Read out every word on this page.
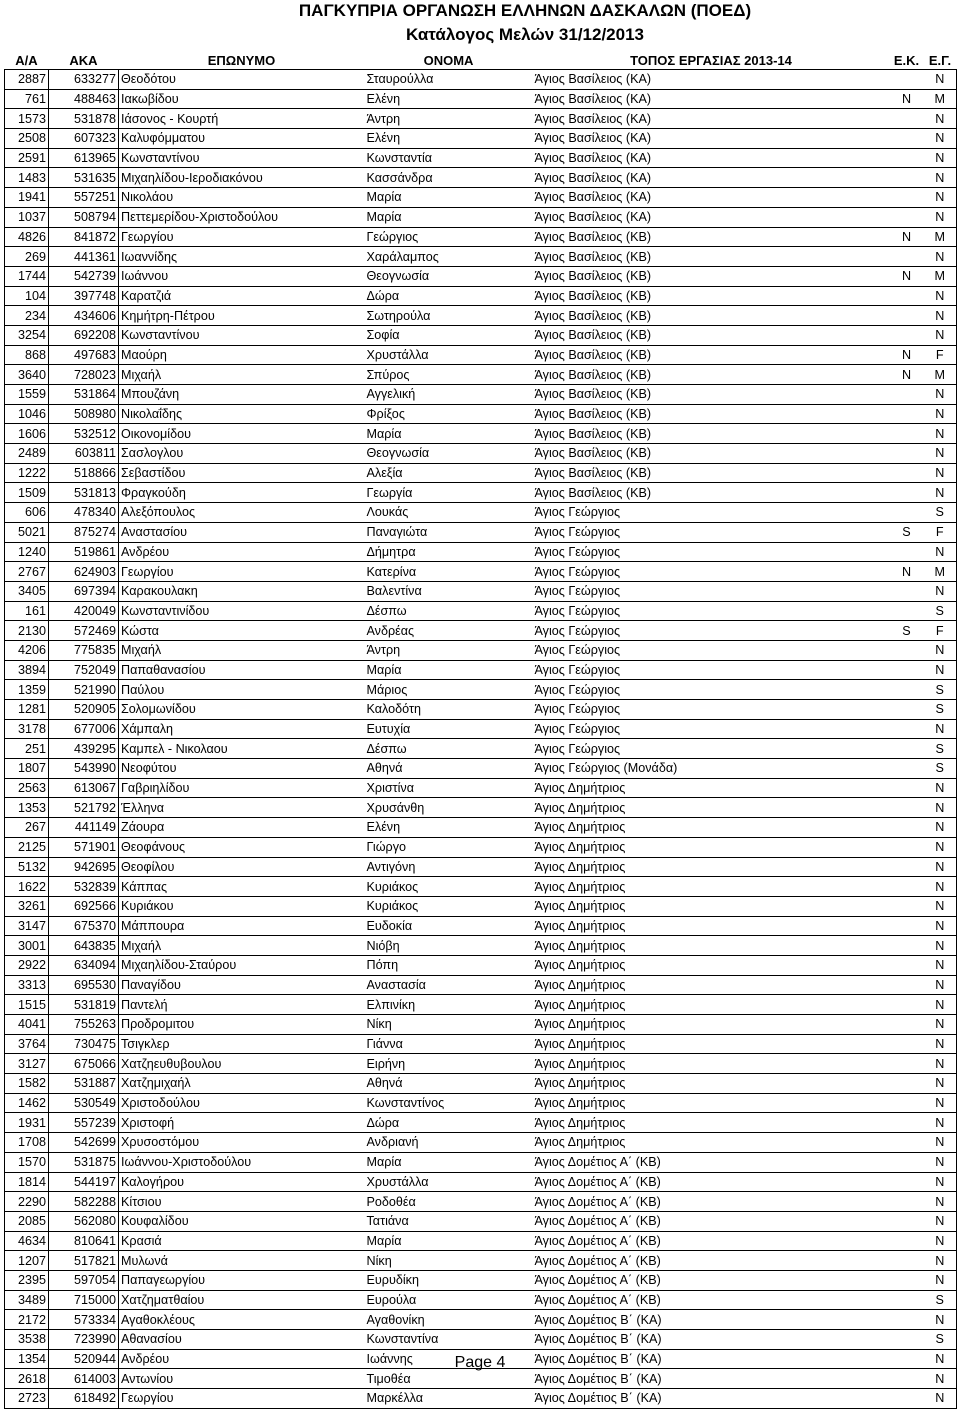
ΠΑΓΚΥΠΡΙΑ ΟΡΓΑΝΩΣΗ ΕΛΛΗΝΩΝ ΔΑΣΚΑΛΩΝ (ΠΟΕΔ)
Κατάλογος Μελών 31/12/2013
Α/Α	ΑΚΑ	ΕΠΩΝΥΜΟ	ΟΝΟΜΑ	ΤΟΠΟΣ ΕΡΓΑΣΙΑΣ 2013-14	Ε.Κ.	Ε.Γ.
2887	633277	Θεοδότου	Σταυρούλλα	Άγιος Βασίλειος (ΚΑ)		N
761	488463	Ιακωβίδου	Ελένη	Άγιος Βασίλειος (ΚΑ)	N	M
1573	531878	Ιάσονος - Κουρτή	Άντρη	Άγιος Βασίλειος (ΚΑ)		N
2508	607323	Καλυφόμματου	Ελένη	Άγιος Βασίλειος (ΚΑ)		N
2591	613965	Κωνσταντίνου	Κωνσταντία	Άγιος Βασίλειος (ΚΑ)		N
1483	531635	Μιχαηλίδου-Ιεροδιακόνου	Κασσάνδρα	Άγιος Βασίλειος (ΚΑ)		N
1941	557251	Νικολάου	Μαρία	Άγιος Βασίλειος (ΚΑ)		N
1037	508794	Πεττεμερίδου-Χριστοδούλου	Μαρία	Άγιος Βασίλειος (ΚΑ)		N
4826	841872	Γεωργίου	Γεώργιος	Άγιος Βασίλειος (ΚΒ)	N	M
269	441361	Ιωαννίδης	Χαράλαμπος	Άγιος Βασίλειος (ΚΒ)		N
1744	542739	Ιωάννου	Θεογνωσία	Άγιος Βασίλειος (ΚΒ)	N	M
104	397748	Καρατζιά	Δώρα	Άγιος Βασίλειος (ΚΒ)		N
234	434606	Κημήτρη-Πέτρου	Σωτηρούλα	Άγιος Βασίλειος (ΚΒ)		N
3254	692208	Κωνσταντίνου	Σοφία	Άγιος Βασίλειος (ΚΒ)		N
868	497683	Μαούρη	Χρυστάλλα	Άγιος Βασίλειος (ΚΒ)	N	F
3640	728023	Μιχαήλ	Σπύρος	Άγιος Βασίλειος (ΚΒ)	N	M
1559	531864	Μπουζάνη	Αγγελική	Άγιος Βασίλειος (ΚΒ)		N
1046	508980	Νικολαΐδης	Φρίξος	Άγιος Βασίλειος (ΚΒ)		N
1606	532512	Οικονομίδου	Μαρία	Άγιος Βασίλειος (ΚΒ)		N
2489	603811	Σασλογλου	Θεογνωσία	Άγιος Βασίλειος (ΚΒ)		N
1222	518866	Σεβαστίδου	Αλεξία	Άγιος Βασίλειος (ΚΒ)		N
1509	531813	Φραγκούδη	Γεωργία	Άγιος Βασίλειος (ΚΒ)		N
606	478340	Αλεξόπουλος	Λουκάς	Άγιος Γεώργιος		S
5021	875274	Αναστασίου	Παναγιώτα	Άγιος Γεώργιος	S	F
1240	519861	Ανδρέου	Δήμητρα	Άγιος Γεώργιος		N
2767	624903	Γεωργίου	Κατερίνα	Άγιος Γεώργιος	N	M
3405	697394	Καρακουλακη	Βαλεντίνα	Άγιος Γεώργιος		N
161	420049	Κωνσταντινίδου	Δέσπω	Άγιος Γεώργιος		S
2130	572469	Κώστα	Ανδρέας	Άγιος Γεώργιος	S	F
4206	775835	Μιχαήλ	Άντρη	Άγιος Γεώργιος		N
3894	752049	Παπαθανασίου	Μαρία	Άγιος Γεώργιος		N
1359	521990	Παύλου	Μάριος	Άγιος Γεώργιος		S
1281	520905	Σολομωνίδου	Καλοδότη	Άγιος Γεώργιος		S
3178	677006	Χάμπαλη	Ευτυχία	Άγιος Γεώργιος		N
251	439295	Καμπελ - Νικολαου	Δέσπω	Άγιος Γεώργιος		S
1807	543990	Νεοφύτου	Αθηνά	Άγιος Γεώργιος (Μονάδα)		S
2563	613067	Γαβριηλίδου	Χριστίνα	Άγιος Δημήτριος		N
1353	521792	Έλληνα	Χρυσάνθη	Άγιος Δημήτριος		N
267	441149	Ζάουρα	Ελένη	Άγιος Δημήτριος		N
2125	571901	Θεοφάνους	Γιώργο	Άγιος Δημήτριος		N
5132	942695	Θεοφίλου	Αντιγόνη	Άγιος Δημήτριος		N
1622	532839	Κάππας	Κυριάκος	Άγιος Δημήτριος		N
3261	692566	Κυριάκου	Κυριάκος	Άγιος Δημήτριος		N
3147	675370	Μάππουρα	Ευδοκία	Άγιος Δημήτριος		N
3001	643835	Μιχαήλ	Νιόβη	Άγιος Δημήτριος		N
2922	634094	Μιχαηλίδου-Σταύρου	Πόπη	Άγιος Δημήτριος		N
3313	695530	Παναγίδου	Αναστασία	Άγιος Δημήτριος		N
1515	531819	Παντελή	Ελπινίκη	Άγιος Δημήτριος		N
4041	755263	Προδρομιτου	Νίκη	Άγιος Δημήτριος		N
3764	730475	Τσιγκλερ	Γιάννα	Άγιος Δημήτριος		N
3127	675066	Χατζηευθυβουλου	Ειρήνη	Άγιος Δημήτριος		N
1582	531887	Χατζημιχαήλ	Αθηνά	Άγιος Δημήτριος		N
1462	530549	Χριστοδούλου	Κωνσταντίνος	Άγιος Δημήτριος		N
1931	557239	Χριστοφή	Δώρα	Άγιος Δημήτριος		N
1708	542699	Χρυσοστόμου	Ανδριανή	Άγιος Δημήτριος		N
1570	531875	Ιωάννου-Χριστοδούλου	Μαρία	Άγιος Δομέτιος Α΄ (ΚΒ)		N
1814	544197	Καλογήρου	Χρυστάλλα	Άγιος Δομέτιος Α΄ (ΚΒ)		N
2290	582288	Κίτσιου	Ροδοθέα	Άγιος Δομέτιος Α΄ (ΚΒ)		N
2085	562080	Κουφαλίδου	Τατιάνα	Άγιος Δομέτιος Α΄ (ΚΒ)		N
4634	810641	Κρασιά	Μαρία	Άγιος Δομέτιος Α΄ (ΚΒ)		N
1207	517821	Μυλωνά	Νίκη	Άγιος Δομέτιος Α΄ (ΚΒ)		N
2395	597054	Παπαγεωργίου	Ευρυδίκη	Άγιος Δομέτιος Α΄ (ΚΒ)		N
3489	715000	Χατζηματθαίου	Ευρούλα	Άγιος Δομέτιος Α΄ (ΚΒ)		S
2172	573334	Αγαθοκλέους	Αγαθονίκη	Άγιος Δομέτιος Β΄ (ΚΑ)		N
3538	723990	Αθανασίου	Κωνσταντίνα	Άγιος Δομέτιος Β΄ (ΚΑ)		S
1354	520944	Ανδρέου	Ιωάννης	Άγιος Δομέτιος Β΄ (ΚΑ)		N
2618	614003	Αντωνίου	Τιμοθέα	Άγιος Δομέτιος Β΄ (ΚΑ)		N
2723	618492	Γεωργίου	Μαρκέλλα	Άγιος Δομέτιος Β΄ (ΚΑ)		N
Page 4
